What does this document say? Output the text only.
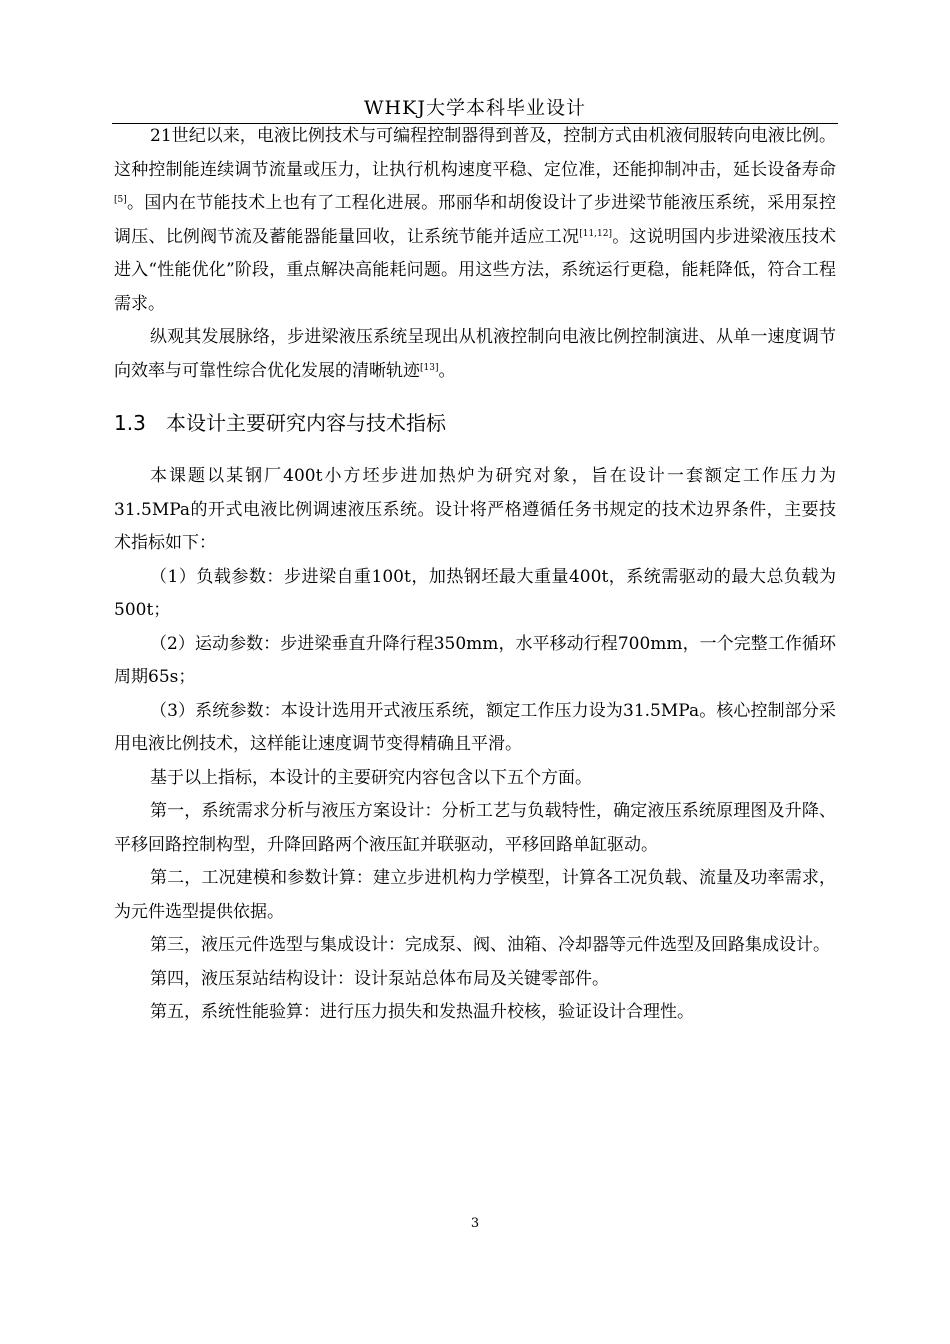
WHKJ大学本科毕业设计

21世纪以来，电液比例技术与可编程控制器得到普及，控制方式由机液伺服转向电液比例。这种控制能连续调节流量或压力，让执行机构速度平稳、定位准，还能抑制冲击，延长设备寿命[5]。国内在节能技术上也有了工程化进展。邢丽华和胡俊设计了步进梁节能液压系统，采用泵控调压、比例阀节流及蓄能器能量回收，让系统节能并适应工况[11,12]。这说明国内步进梁液压技术进入“性能优化”阶段，重点解决高能耗问题。用这些方法，系统运行更稳，能耗降低，符合工程需求。

纵观其发展脉络，步进梁液压系统呈现出从机液控制向电液比例控制演进、从单一速度调节向效率与可靠性综合优化发展的清晰轨迹[13]。

1.3 本设计主要研究内容与技术指标

本课题以某钢厂400t小方坯步进加热炉为研究对象，旨在设计一套额定工作压力为31.5MPa的开式电液比例调速液压系统。设计将严格遵循任务书规定的技术边界条件，主要技术指标如下：

（1）负载参数：步进梁自重100t，加热钢坯最大重量400t，系统需驱动的最大总负载为500t；

（2）运动参数：步进梁垂直升降行程350mm，水平移动行程700mm，一个完整工作循环周期65s；

（3）系统参数：本设计选用开式液压系统，额定工作压力设为31.5MPa。核心控制部分采用电液比例技术，这样能让速度调节变得精确且平滑。

基于以上指标，本设计的主要研究内容包含以下五个方面。

第一，系统需求分析与液压方案设计：分析工艺与负载特性，确定液压系统原理图及升降、平移回路控制构型，升降回路两个液压缸并联驱动，平移回路单缸驱动。

第二，工况建模和参数计算：建立步进机构力学模型，计算各工况负载、流量及功率需求，为元件选型提供依据。

第三，液压元件选型与集成设计：完成泵、阀、油箱、冷却器等元件选型及回路集成设计。

第四，液压泵站结构设计：设计泵站总体布局及关键零部件。

第五，系统性能验算：进行压力损失和发热温升校核，验证设计合理性。

3
